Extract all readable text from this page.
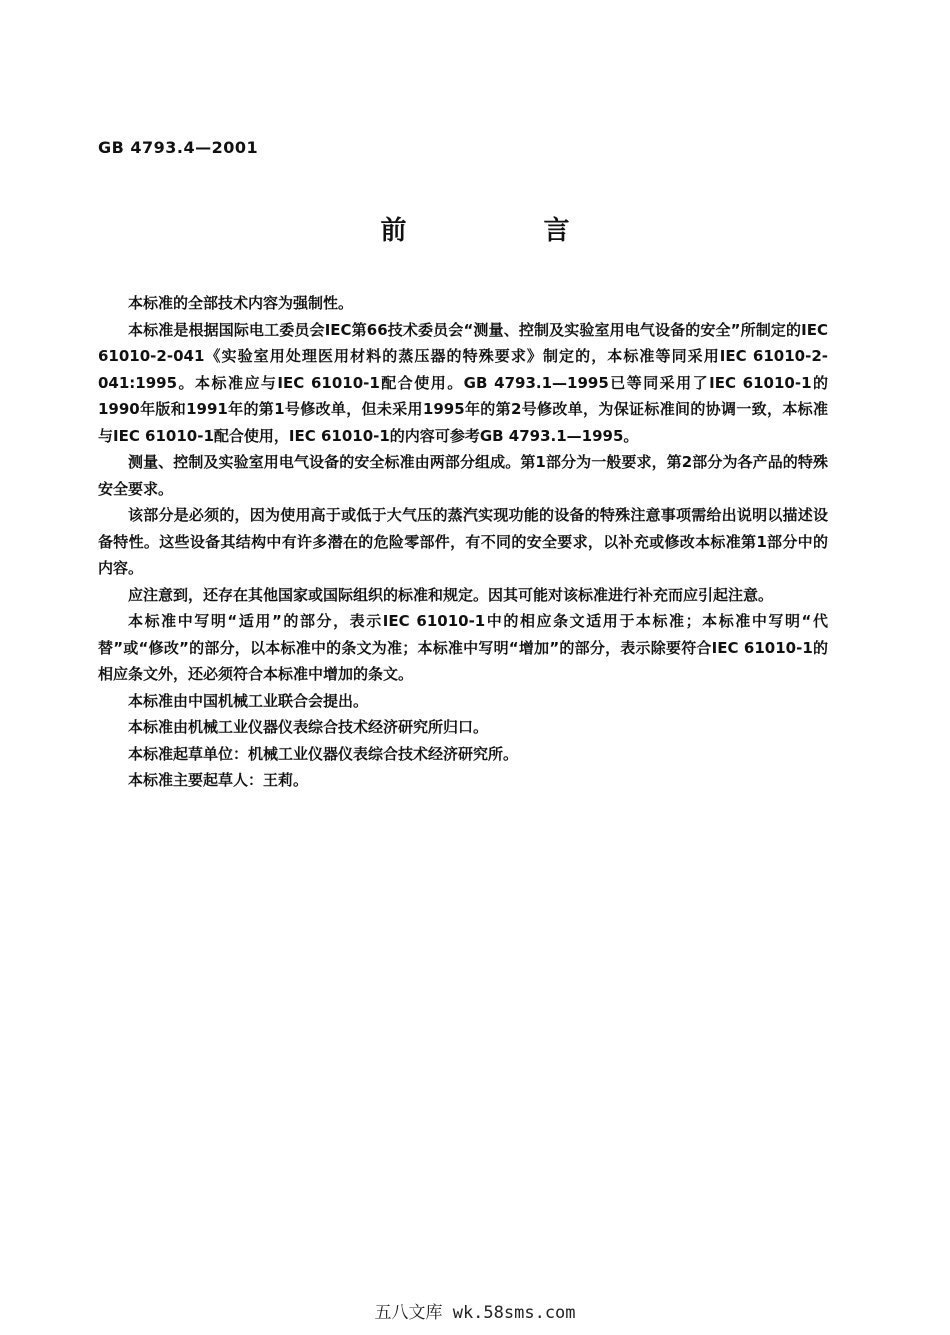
GB 4793.4—2001
前 言

本标准的全部技术内容为强制性。

本标准是根据国际电工委员会IEC第66技术委员会“测量、控制及实验室用电气设备的安全”所制定的IEC 61010-2-041《实验室用处理医用材料的蒸压器的特殊要求》制定的，本标准等同采用IEC 61010-2-041:1995。本标准应与IEC 61010-1配合使用。GB 4793.1—1995已等同采用了IEC 61010-1的1990年版和1991年的第1号修改单，但未采用1995年的第2号修改单，为保证标准间的协调一致，本标准与IEC 61010-1配合使用，IEC 61010-1的内容可参考GB 4793.1—1995。

测量、控制及实验室用电气设备的安全标准由两部分组成。第1部分为一般要求，第2部分为各产品的特殊安全要求。

该部分是必须的，因为使用高于或低于大气压的蒸汽实现功能的设备的特殊注意事项需给出说明以描述设备特性。这些设备其结构中有许多潜在的危险零部件，有不同的安全要求，以补充或修改本标准第1部分中的内容。

应注意到，还存在其他国家或国际组织的标准和规定。因其可能对该标准进行补充而应引起注意。

本标准中写明“适用”的部分，表示IEC 61010-1中的相应条文适用于本标准；本标准中写明“代替”或“修改”的部分，以本标准中的条文为准；本标准中写明“增加”的部分，表示除要符合IEC 61010-1的相应条文外，还必须符合本标准中增加的条文。

本标准由中国机械工业联合会提出。

本标准由机械工业仪器仪表综合技术经济研究所归口。

本标准起草单位：机械工业仪器仪表综合技术经济研究所。

本标准主要起草人：王莉。

五八文库 wk.58sms.com
